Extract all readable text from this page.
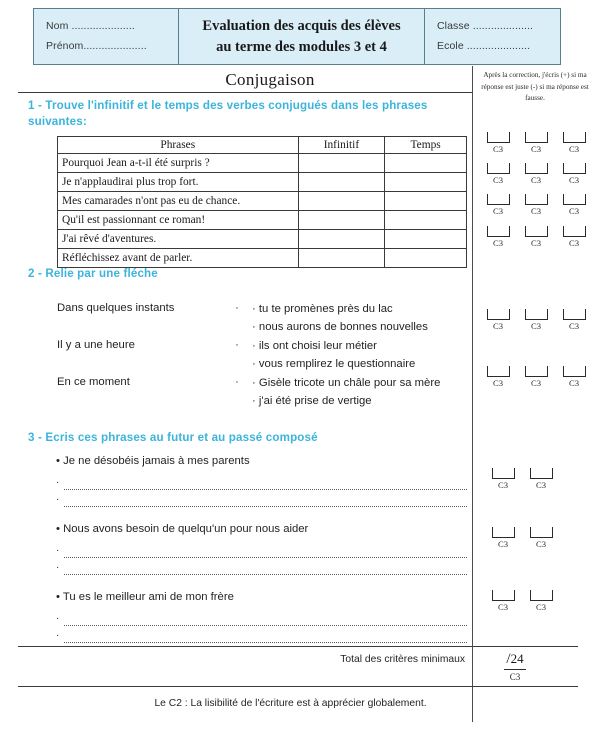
Nom .....................
Prénom.....................
Evaluation des acquis des élèves
au terme des modules 3 et 4
Classe ....................
Ecole .....................
Conjugaison	Après la correction, j'écris (+) si ma réponse est juste (-) si ma réponse est fausse.
1 - Trouve l'infinitif et le temps des verbes conjugués dans les phrases suivantes:
Phrases	Infinitif	Temps
Pourquoi Jean a-t-il été surpris ?		
Je n'applaudirai plus trop fort.		
Mes camarades n'ont pas eu de chance.		
Qu'il est passionnant ce roman!		
J'ai rêvé d'aventures.		
Réfléchissez avant de parler.		
C3	C3	C3
C3	C3	C3
C3	C3	C3
C3	C3	C3
2 - Relie par une fléche
Dans quelques instants	·	· tu te promènes près du lac
· nous aurons de bonnes nouvelles
Il y a une heure	·	· ils ont choisi leur métier
· vous remplirez le questionnaire
En ce moment	·	· Gisèle tricote un châle pour sa mère
· j'ai été prise de vertige
C3	C3	C3
C3	C3	C3
3 - Ecris ces phrases au futur et au passé composé
• Je ne désobéis jamais à mes parents
·
·
• Nous avons besoin de quelqu'un pour nous aider
·
·
• Tu es le meilleur ami de mon frère
·
·
C3	C3
C3	C3
C3	C3
Total des critères minimaux	/24
C3
Le C2 : La lisibilité de l'écriture est à apprécier globalement.
